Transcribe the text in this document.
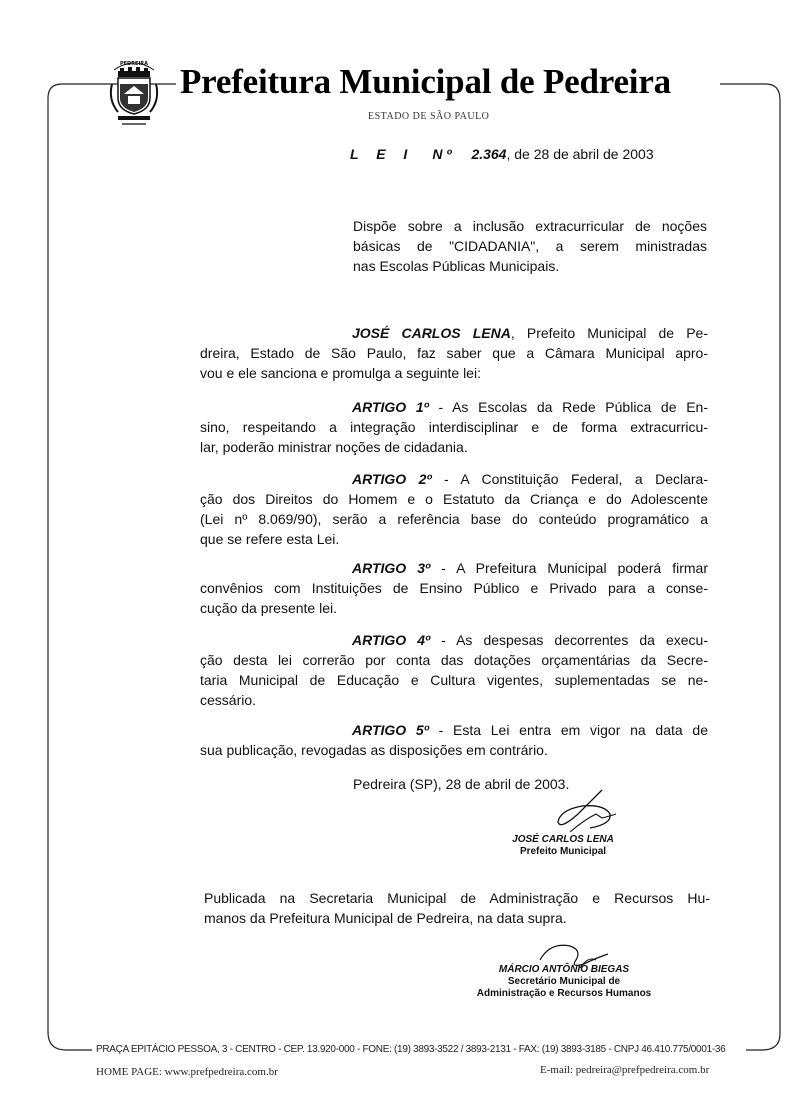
PEDREIRA Prefeitura Municipal de Pedreira
ESTADO DE SÃO PAULO
L E I N º 2.364, de 28 de abril de 2003
Dispõe sobre a inclusão extracurricular de noções
básicas de "CIDADANIA", a serem ministradas
nas Escolas Públicas Municipais.
JOSÉ CARLOS LENA, Prefeito Municipal de Pe-
dreira, Estado de São Paulo, faz saber que a Câmara Municipal apro-
vou e ele sanciona e promulga a seguinte lei:
ARTIGO 1º - As Escolas da Rede Pública de En-
sino, respeitando a integração interdisciplinar e de forma extracurricu-
lar, poderão ministrar noções de cidadania.
ARTIGO 2º - A Constituição Federal, a Declara-
ção dos Direitos do Homem e o Estatuto da Criança e do Adolescente
(Lei nº 8.069/90), serão a referência base do conteúdo programático a
que se refere esta Lei.
ARTIGO 3º - A Prefeitura Municipal poderá firmar
convênios com Instituições de Ensino Público e Privado para a conse-
cução da presente lei.
ARTIGO 4º - As despesas decorrentes da execu-
ção desta lei correrão por conta das dotações orçamentárias da Secre-
taria Municipal de Educação e Cultura vigentes, suplementadas se ne-
cessário.
ARTIGO 5º - Esta Lei entra em vigor na data de
sua publicação, revogadas as disposições em contrário.
Pedreira (SP), 28 de abril de 2003.
JOSÉ CARLOS LENA
Prefeito Municipal
Publicada na Secretaria Municipal de Administração e Recursos Hu-
manos da Prefeitura Municipal de Pedreira, na data supra.
MÁRCIO ANTÔNIO BIEGAS
Secretário Municipal de
Administração e Recursos Humanos
PRAÇA EPITÁCIO PESSOA, 3 - CENTRO - CEP. 13.920-000 - FONE: (19) 3893-3522 / 3893-2131 - FAX: (19) 3893-3185 - CNPJ 46.410.775/0001-36
HOME PAGE: www.prefpedreira.com.br	E-mail: pedreira@prefpedreira.com.br
